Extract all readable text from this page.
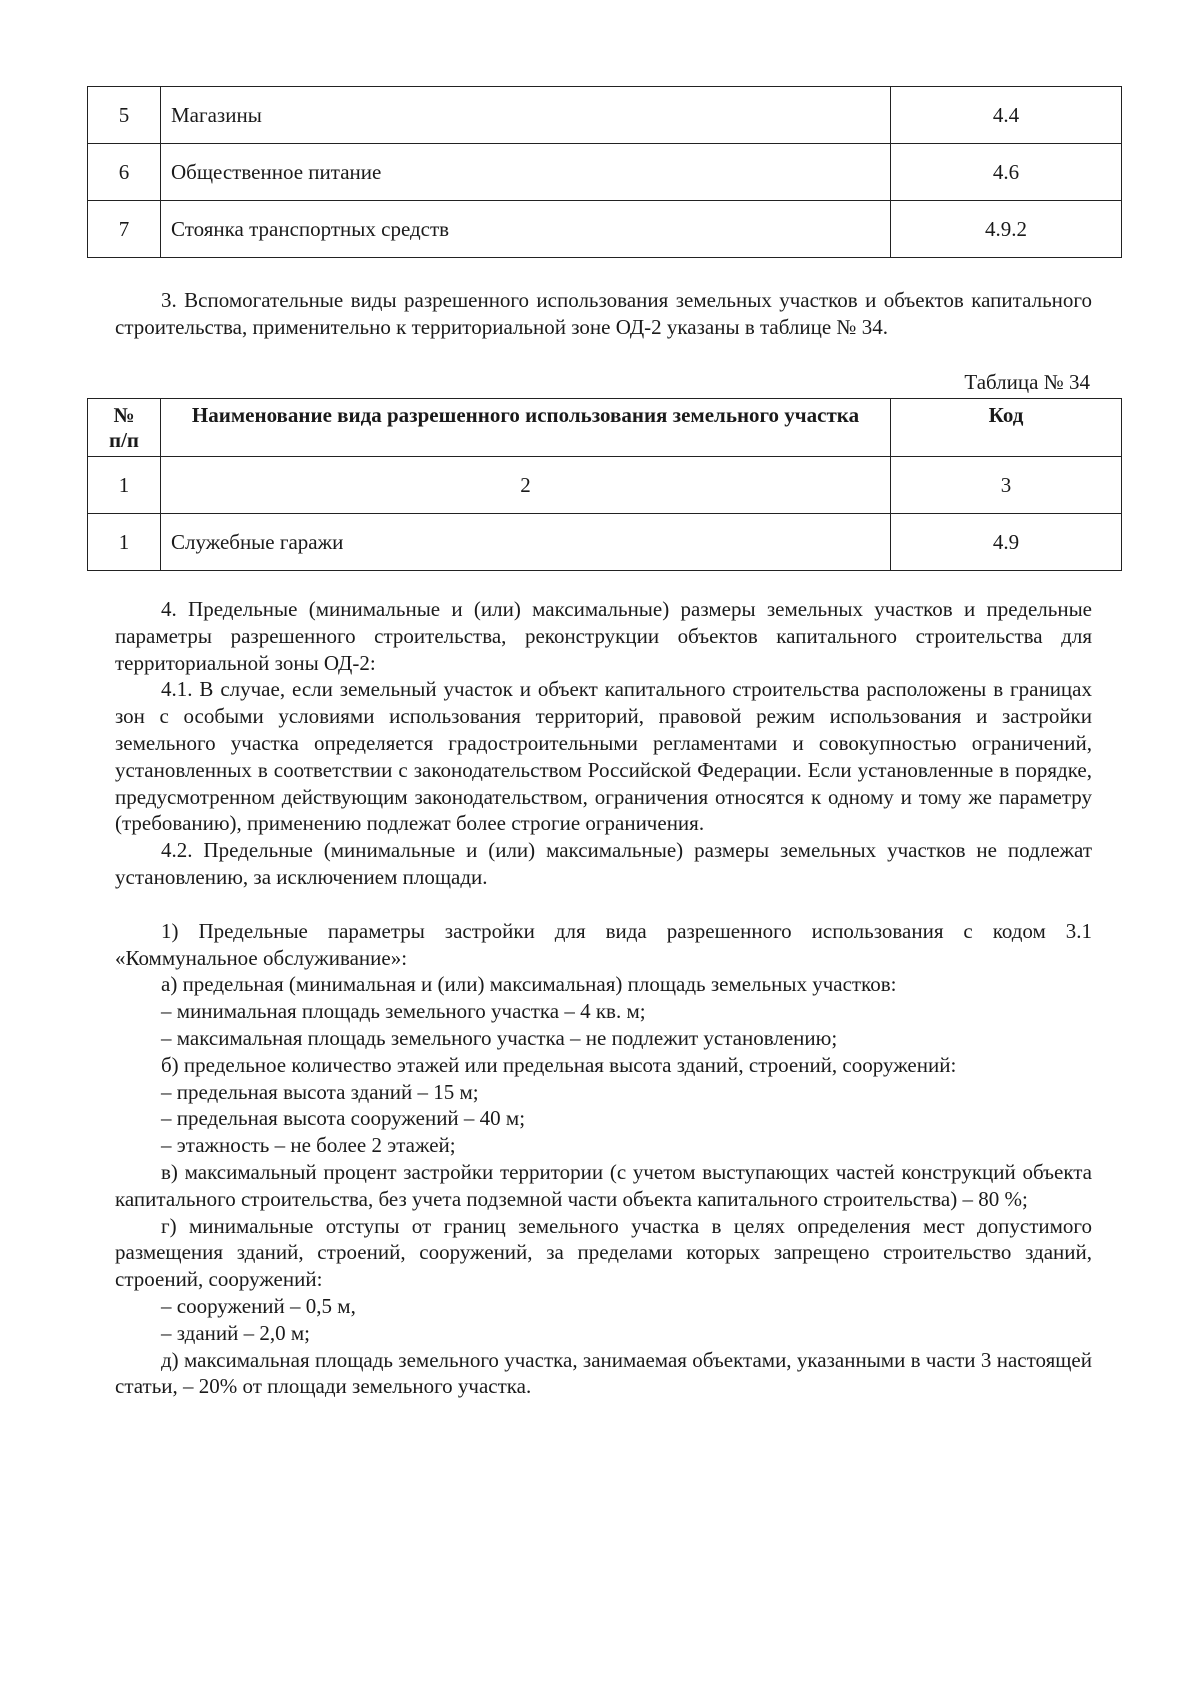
5	Магазины	4.4
6	Общественное питание	4.6
7	Стоянка транспортных средств	4.9.2

3. Вспомогательные виды разрешенного использования земельных участков и объектов капитального строительства, применительно к территориальной зоне ОД-2 указаны в таблице № 34.

Таблица № 34
№
п/п	Наименование вида разрешенного использования земельного участка	Код
1	2	3
1	Служебные гаражи	4.9

4. Предельные (минимальные и (или) максимальные) размеры земельных участков и предельные параметры разрешенного строительства, реконструкции объектов капитального строительства для территориальной зоны ОД-2:

4.1. В случае, если земельный участок и объект капитального строительства расположены в границах зон с особыми условиями использования территорий, правовой режим использования и застройки земельного участка определяется градостроительными регламентами и совокупностью ограничений, установленных в соответствии с законодательством Российской Федерации. Если установленные в порядке, предусмотренном действующим законодательством, ограничения относятся к одному и тому же параметру (требованию), применению подлежат более строгие ограничения.

4.2. Предельные (минимальные и (или) максимальные) размеры земельных участков не подлежат установлению, за исключением площади.

1) Предельные параметры застройки для вида разрешенного использования с кодом 3.1 «Коммунальное обслуживание»:

а) предельная (минимальная и (или) максимальная) площадь земельных участков:

– минимальная площадь земельного участка – 4 кв. м;

– максимальная площадь земельного участка – не подлежит установлению;

б) предельное количество этажей или предельная высота зданий, строений, сооружений:

– предельная высота зданий – 15 м;

– предельная высота сооружений – 40 м;

– этажность – не более 2 этажей;

в) максимальный процент застройки территории (с учетом выступающих частей конструкций объекта капитального строительства, без учета подземной части объекта капитального строительства) – 80 %;

г) минимальные отступы от границ земельного участка в целях определения мест допустимого размещения зданий, строений, сооружений, за пределами которых запрещено строительство зданий, строений, сооружений:

– сооружений – 0,5 м,

– зданий – 2,0 м;

д) максимальная площадь земельного участка, занимаемая объектами, указанными в части 3 настоящей статьи, – 20% от площади земельного участка.
